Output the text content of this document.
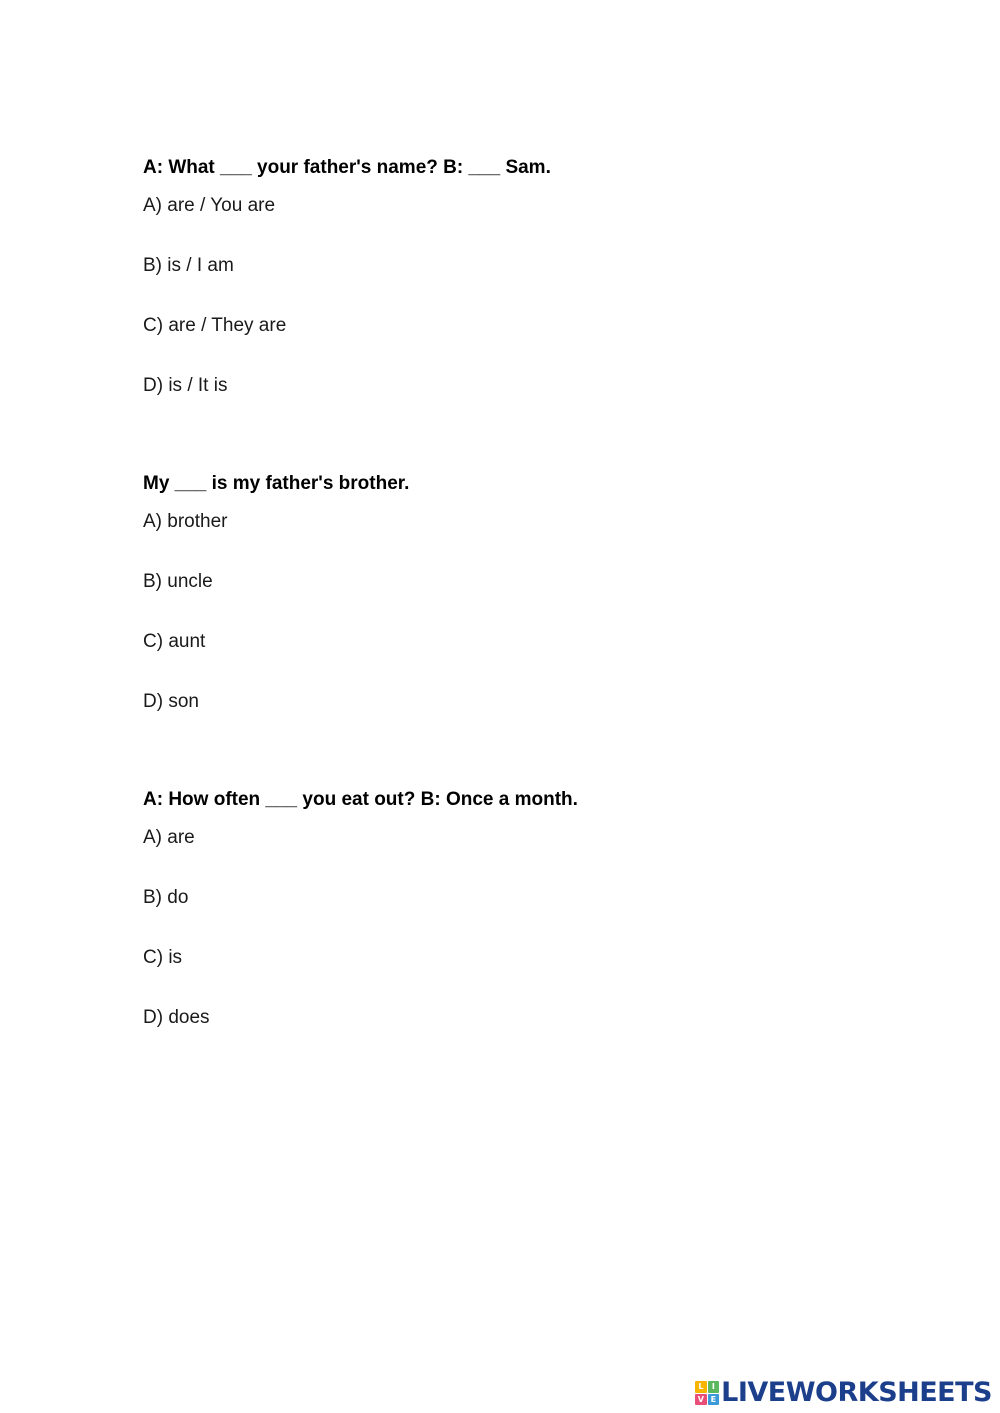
A: What ___ your father's name? B: ___ Sam.
A) are / You are
B) is / I am
C) are / They are
D) is / It is
My ___ is my father's brother.
A) brother
B) uncle
C) aunt
D) son
A: How often ___ you eat out? B: Once a month.
A) are
B) do
C) is
D) does
L	I
V E LIVEWORKSHEETS
